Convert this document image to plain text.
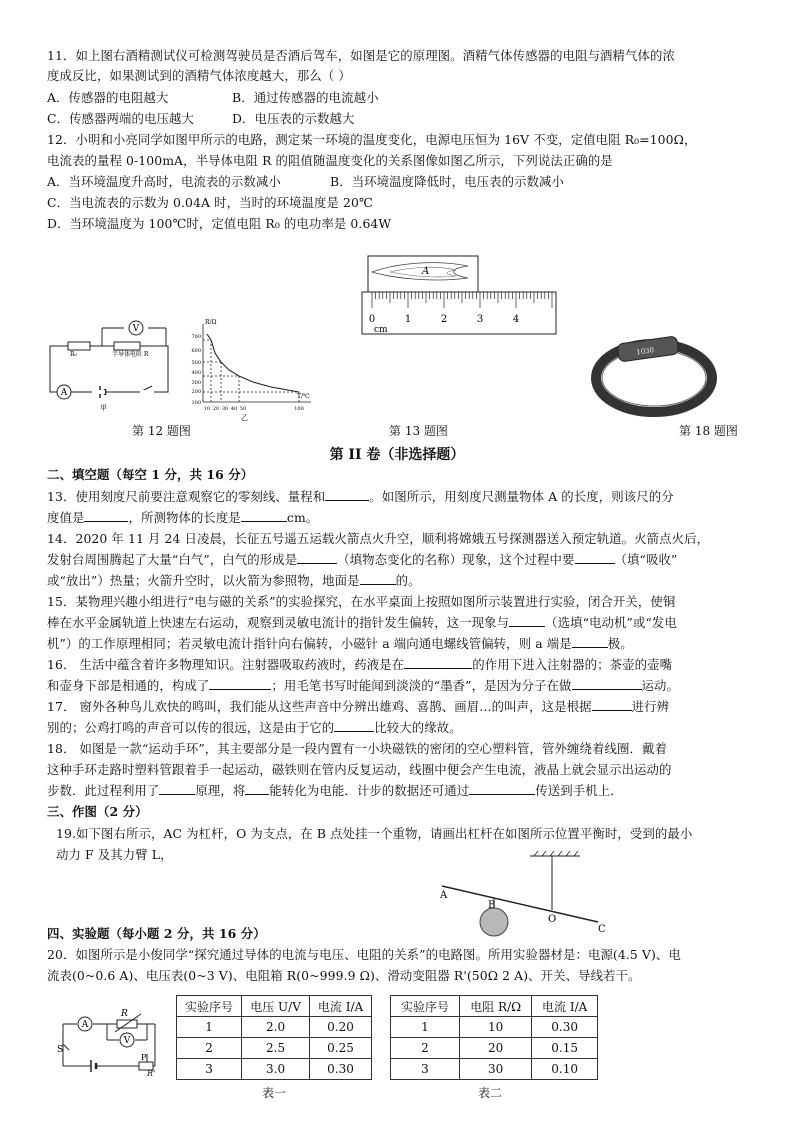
11．如上图右酒精测试仪可检测驾驶员是否酒后驾车，如图是它的原理图。酒精气体传感器的电阻与酒精气体的浓
度成反比，如果测试到的酒精气体浓度越大，那么（ ）
A．传感器的电阻越大	B．通过传感器的电流越小
C．传感器两端的电压越大	D．电压表的示数越大
12．小明和小亮同学如图甲所示的电路，测定某一环境的温度变化，电源电压恒为 16V 不变，定值电阻 R₀=100Ω，
电流表的量程 0-100mA，半导体电阻 R 的阻值随温度变化的关系图像如图乙所示，下列说法正确的是
A．当环境温度升高时，电流表的示数减小	B．当环境温度降低时，电压表的示数减小
C．当电流表的示数为 0.04A 时，当时的环境温度是 20℃
D．当环境温度为 100℃时，定值电阻 R₀ 的电功率是 0.64W
V
A
R₀	半导体电阻 R
甲
R/Ω
T/℃
100
200
300
400
500
600
700
10 20 30 40 50	100
乙
第 12 题图
A
0	1	2	3	4
cm
第 13 题图
1030
第 18 题图
第 II 卷（非选择题）
二、填空题（每空 1 分，共 16 分）
13．使用刻度尺前要注意观察它的零刻线、量程和	。如图所示，用刻度尺测量物体 A 的长度，则该尺的分
度值是	，所测物体的长度是	cm。
14．2020 年 11 月 24 日凌晨，长征五号遥五运载火箭点火升空，顺利将嫦娥五号探测器送入预定轨道。火箭点火后，
发射台周围腾起了大量“白气”，白气的形成是	（填物态变化的名称）现象，这个过程中要	（填“吸收”
或“放出”）热量；火箭升空时，以火箭为参照物，地面是	的。
15．某物理兴趣小组进行“电与磁的关系”的实验探究，在水平桌面上按照如图所示装置进行实验，闭合开关，使铜
棒在水平金属轨道上快速左右运动，观察到灵敏电流计的指针发生偏转，这一现象与	（选填“电动机”或“发电
机”）的工作原理相同；若灵敏电流计指针向右偏转，小磁针 a 端向通电螺线管偏转，则 a 端是	极。
16． 生活中蕴含着许多物理知识。注射器吸取药液时，药液是在	的作用下进入注射器的；茶壶的壶嘴
和壶身下部是相通的，构成了	；用毛笔书写时能闻到淡淡的“墨香”，是因为分子在做	运动。
17． 窗外各种鸟儿欢快的鸣叫，我们能从这些声音中分辨出雄鸡、喜鹊、画眉…的叫声，这是根据	进行辨
别的；公鸡打鸣的声音可以传的很远，这是由于它的	比较大的缘故。
18． 如图是一款“运动手环”，其主要部分是一段内置有一小块磁铁的密闭的空心塑料管，管外缠绕着线圈．戴着
这种手环走路时塑料管跟着手一起运动，磁铁则在管内反复运动，线圈中便会产生电流，液晶上就会显示出运动的
步数．此过程利用了	原理，将 能转化为电能．计步的数据还可通过	传送到手机上．
三、作图（2 分）
19.如下图右所示，AC 为杠杆，O 为支点，在 B 点处挂一个重物，请画出杠杆在如图所示位置平衡时，受到的最小
动力 F 及其力臂 L，
A
B
O
C
四、实验题（每小题 2 分，共 16 分）
20．如图所示是小俊同学“探究通过导体的电流与电压、电阻的关系”的电路图。所用实验器材是：电源(4.5 V)、电
流表(0~0.6 A)、电压表(0~3 V)、电阻箱 R(0~999.9 Ω)、滑动变阻器 R'(50Ω 2 A)、开关、导线若干。
A
V
S
R
P
R'
实验序号	电压 U/V	电流 I/A
1	2.0	0.20
2	2.5	0.25
3	3.0	0.30
表一
实验序号	电阻 R/Ω	电流 I/A
1	10	0.30
2	20	0.15
3	30	0.10
表二
